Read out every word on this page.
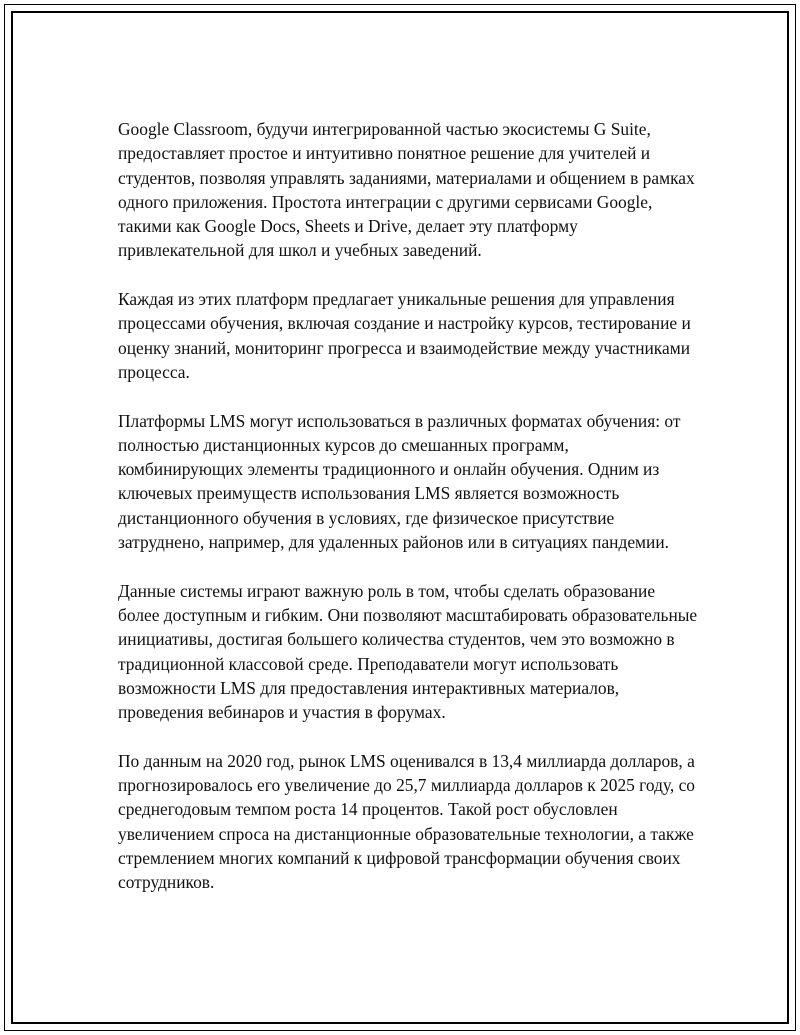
Google Classroom, будучи интегрированной частью экосистемы G Suite, предоставляет простое и интуитивно понятное решение для учителей и студентов, позволяя управлять заданиями, материалами и общением в рамках одного приложения. Простота интеграции с другими сервисами Google, такими как Google Docs, Sheets и Drive, делает эту платформу привлекательной для школ и учебных заведений.

Каждая из этих платформ предлагает уникальные решения для управления процессами обучения, включая создание и настройку курсов, тестирование и оценку знаний, мониторинг прогресса и взаимодействие между участниками процесса.

Платформы LMS могут использоваться в различных форматах обучения: от полностью дистанционных курсов до смешанных программ, комбинирующих элементы традиционного и онлайн обучения. Одним из ключевых преимуществ использования LMS является возможность дистанционного обучения в условиях, где физическое присутствие затруднено, например, для удаленных районов или в ситуациях пандемии.

Данные системы играют важную роль в том, чтобы сделать образование более доступным и гибким. Они позволяют масштабировать образовательные инициативы, достигая большего количества студентов, чем это возможно в традиционной классовой среде. Преподаватели могут использовать возможности LMS для предоставления интерактивных материалов, проведения вебинаров и участия в форумах.

По данным на 2020 год, рынок LMS оценивался в 13,4 миллиарда долларов, а прогнозировалось его увеличение до 25,7 миллиарда долларов к 2025 году, со среднегодовым темпом роста 14 процентов. Такой рост обусловлен увеличением спроса на дистанционные образовательные технологии, а также стремлением многих компаний к цифровой трансформации обучения своих сотрудников.
